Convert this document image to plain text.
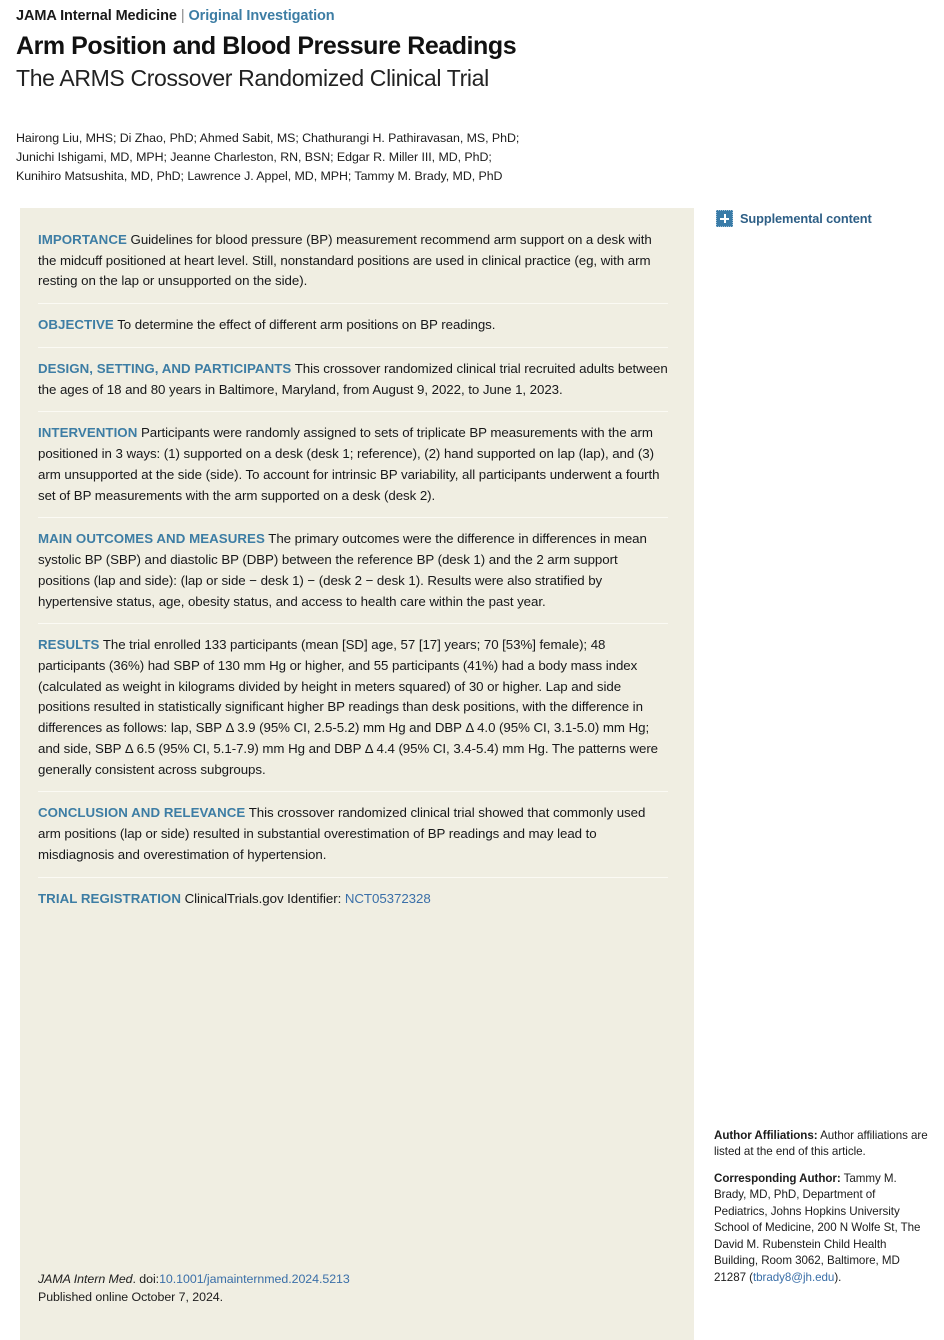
JAMA Internal Medicine | Original Investigation
Arm Position and Blood Pressure Readings
The ARMS Crossover Randomized Clinical Trial
Hairong Liu, MHS; Di Zhao, PhD; Ahmed Sabit, MS; Chathurangi H. Pathiravasan, MS, PhD;
Junichi Ishigami, MD, MPH; Jeanne Charleston, RN, BSN; Edgar R. Miller III, MD, PhD;
Kunihiro Matsushita, MD, PhD; Lawrence J. Appel, MD, MPH; Tammy M. Brady, MD, PhD

IMPORTANCE Guidelines for blood pressure (BP) measurement recommend arm support on a desk with the midcuff positioned at heart level. Still, nonstandard positions are used in clinical practice (eg, with arm resting on the lap or unsupported on the side).

OBJECTIVE To determine the effect of different arm positions on BP readings.

DESIGN, SETTING, AND PARTICIPANTS This crossover randomized clinical trial recruited adults between the ages of 18 and 80 years in Baltimore, Maryland, from August 9, 2022, to June 1, 2023.

INTERVENTION Participants were randomly assigned to sets of triplicate BP measurements with the arm positioned in 3 ways: (1) supported on a desk (desk 1; reference), (2) hand supported on lap (lap), and (3) arm unsupported at the side (side). To account for intrinsic BP variability, all participants underwent a fourth set of BP measurements with the arm supported on a desk (desk 2).

MAIN OUTCOMES AND MEASURES The primary outcomes were the difference in differences in mean systolic BP (SBP) and diastolic BP (DBP) between the reference BP (desk 1) and the 2 arm support positions (lap and side): (lap or side − desk 1) − (desk 2 − desk 1). Results were also stratified by hypertensive status, age, obesity status, and access to health care within the past year.

RESULTS The trial enrolled 133 participants (mean [SD] age, 57 [17] years; 70 [53%] female); 48 participants (36%) had SBP of 130 mm Hg or higher, and 55 participants (41%) had a body mass index (calculated as weight in kilograms divided by height in meters squared) of 30 or higher. Lap and side positions resulted in statistically significant higher BP readings than desk positions, with the difference in differences as follows: lap, SBP Δ 3.9 (95% CI, 2.5-5.2) mm Hg and DBP Δ 4.0 (95% CI, 3.1-5.0) mm Hg; and side, SBP Δ 6.5 (95% CI, 5.1-7.9) mm Hg and DBP Δ 4.4 (95% CI, 3.4-5.4) mm Hg. The patterns were generally consistent across subgroups.

CONCLUSION AND RELEVANCE This crossover randomized clinical trial showed that commonly used arm positions (lap or side) resulted in substantial overestimation of BP readings and may lead to misdiagnosis and overestimation of hypertension.

TRIAL REGISTRATION ClinicalTrials.gov Identifier: NCT05372328

JAMA Intern Med. doi:10.1001/jamainternmed.2024.5213
Published online October 7, 2024.
Supplemental content

Author Affiliations: Author affiliations are listed at the end of this article.

Corresponding Author: Tammy M. Brady, MD, PhD, Department of Pediatrics, Johns Hopkins University School of Medicine, 200 N Wolfe St, The David M. Rubenstein Child Health Building, Room 3062, Baltimore, MD 21287 (tbrady8@jh.edu).
